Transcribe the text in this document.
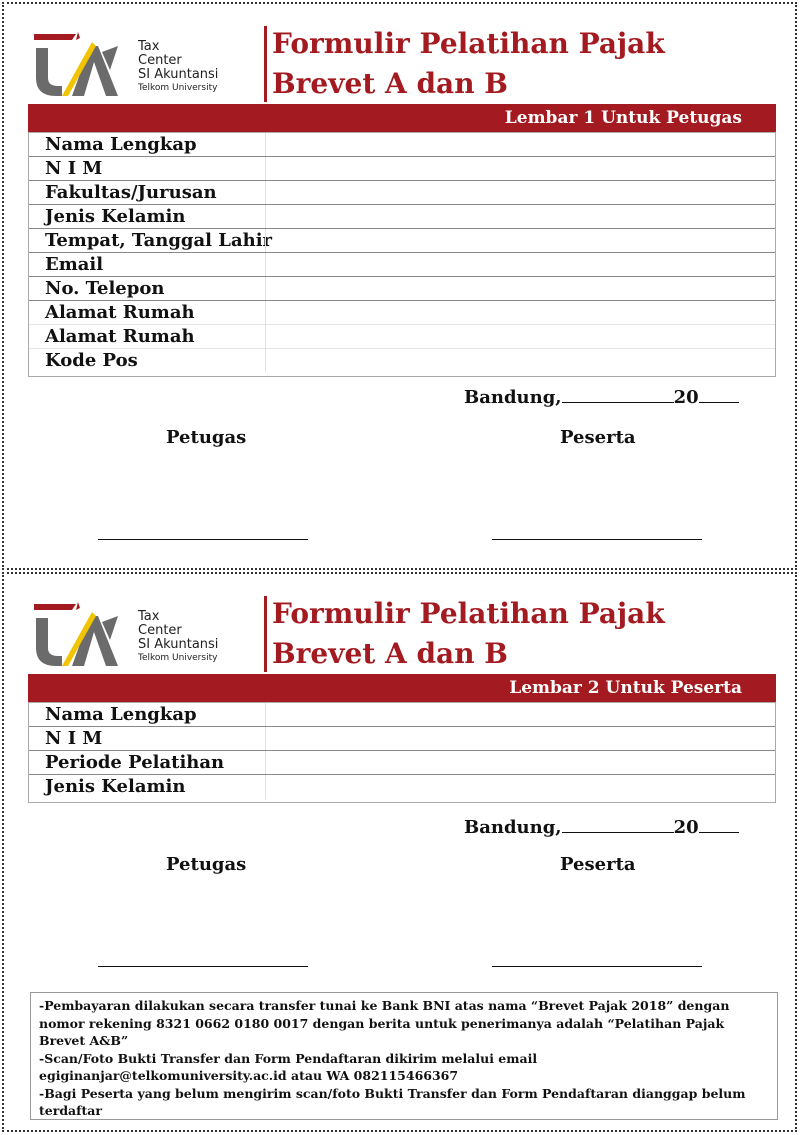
Tax
Center
SI Akuntansi
Telkom University
Formulir Pelatihan Pajak
Brevet A dan B
Lembar 1 Untuk Petugas
Nama Lengkap
N I M
Fakultas/Jurusan
Jenis Kelamin
Tempat, Tanggal Lahir
Email
No. Telepon
Alamat Rumah
Alamat Rumah
Kode Pos
Bandung,	20
Petugas	Peserta
Tax
Center
SI Akuntansi
Telkom University
Formulir Pelatihan Pajak
Brevet A dan B
Lembar 2 Untuk Peserta
Nama Lengkap
N I M
Periode Pelatihan
Jenis Kelamin
Bandung,	20
Petugas	Peserta

-Pembayaran dilakukan secara transfer tunai ke Bank BNI atas nama “Brevet Pajak 2018” dengan nomor rekening 8321 0662 0180 0017 dengan berita untuk penerimanya adalah “Pelatihan Pajak Brevet A&B”

-Scan/Foto Bukti Transfer dan Form Pendaftaran dikirim melalui email egiginanjar@telkomuniversity.ac.id atau WA 082115466367

-Bagi Peserta yang belum mengirim scan/foto Bukti Transfer dan Form Pendaftaran dianggap belum terdaftar
